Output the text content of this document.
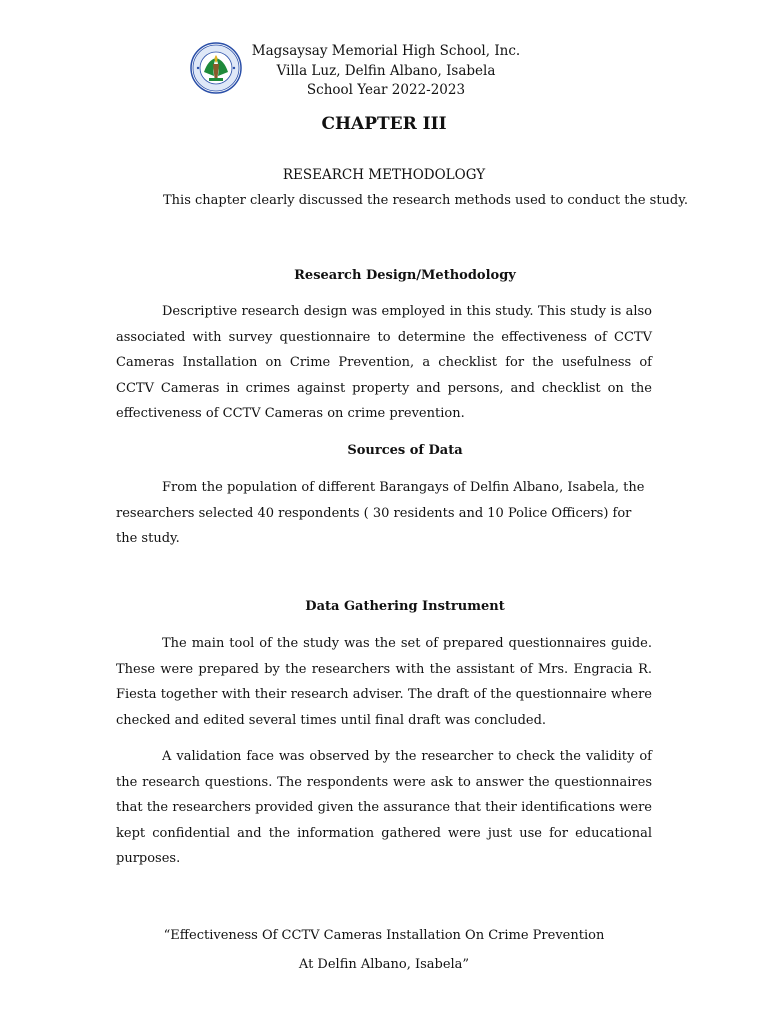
Magsaysay Memorial High School, Inc.
Villa Luz, Delfin Albano, Isabela
School Year 2022-2023
CHAPTER III
RESEARCH METHODOLOGY
This chapter clearly discussed the research methods used to conduct the study.
Research Design/Methodology

Descriptive research design was employed in this study. This study is also associated with survey questionnaire to determine the effectiveness of CCTV Cameras Installation on Crime Prevention, a checklist for the usefulness of CCTV Cameras in crimes against property and persons, and checklist on the effectiveness of CCTV Cameras on crime prevention.

Sources of Data

From the population of different Barangays of Delfin Albano, Isabela, the researchers selected 40 respondents ( 30 residents and 10 Police Officers) for the study.

Data Gathering Instrument

The main tool of the study was the set of prepared questionnaires guide. These were prepared by the researchers with the assistant of Mrs. Engracia R. Fiesta together with their research adviser. The draft of the questionnaire where checked and edited several times until final draft was concluded.

A validation face was observed by the researcher to check the validity of the research questions. The respondents were ask to answer the questionnaires that the researchers provided given the assurance that their identifications were kept confidential and the information gathered were just use for educational purposes.

“Effectiveness Of CCTV Cameras Installation On Crime Prevention
At Delfin Albano, Isabela”
